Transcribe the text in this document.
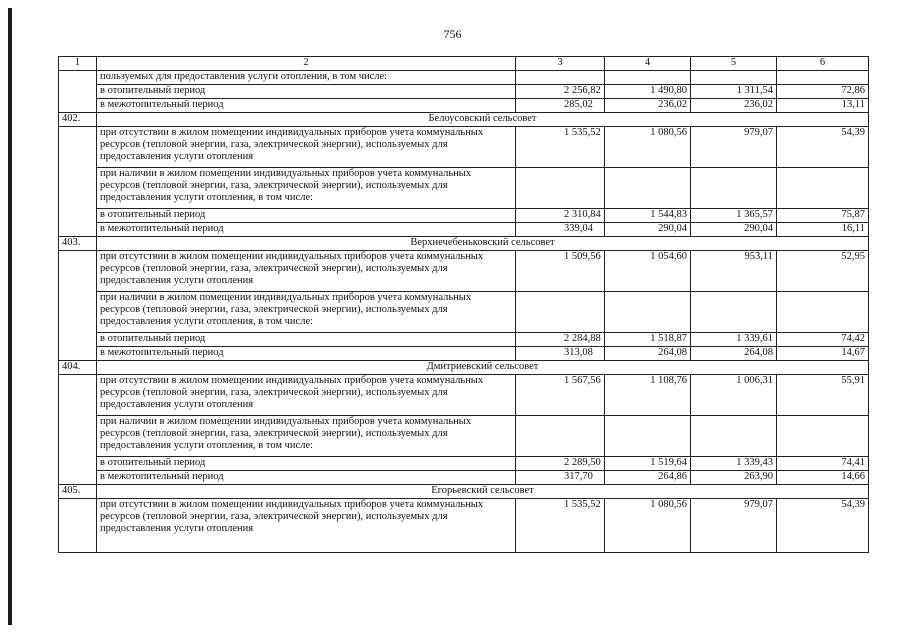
756
1	2	3	4	5	6
	пользуемых для предоставления услуги отопления, в том числе:				
	в отопительный период	2 256,82	1 490,80	1 311,54	72,86
	в межотопительный период	285,02	236,02	236,02	13,11
402.	Белоусовский сельсовет				
	при отсутствии в жилом помещении индивидуальных приборов учета коммунальных ресурсов (тепловой энергии, газа, электрической энергии), используемых для предоставления услуги отопления	1 535,52	1 080,56	979,07	54,39
	при наличии в жилом помещении индивидуальных приборов учета коммунальных ресурсов (тепловой энергии, газа, электрической энергии), используемых для предоставления услуги отопления, в том числе:				
	в отопительный период	2 310,84	1 544,83	1 365,57	75,87
	в межотопительный период	339,04	290,04	290,04	16,11
403.	Верхнечебеньковский сельсовет				
	при отсутствии в жилом помещении индивидуальных приборов учета коммунальных ресурсов (тепловой энергии, газа, электрической энергии), используемых для предоставления услуги отопления	1 509,56	1 054,60	953,11	52,95
	при наличии в жилом помещении индивидуальных приборов учета коммунальных ресурсов (тепловой энергии, газа, электрической энергии), используемых для предоставления услуги отопления, в том числе:				
	в отопительный период	2 284,88	1 518,87	1 339,61	74,42
	в межотопительный период	313,08	264,08	264,08	14,67
404.	Дмитриевский сельсовет				
	при отсутствии в жилом помещении индивидуальных приборов учета коммунальных ресурсов (тепловой энергии, газа, электрической энергии), используемых для предоставления услуги отопления	1 567,56	1 108,76	1 006,31	55,91
	при наличии в жилом помещении индивидуальных приборов учета коммунальных ресурсов (тепловой энергии, газа, электрической энергии), используемых для предоставления услуги отопления, в том числе:				
	в отопительный период	2 289,50	1 519,64	1 339,43	74,41
	в межотопительный период	317,70	264,86	263,90	14,66
405.	Егорьевский сельсовет				
	при отсутствии в жилом помещении индивидуальных приборов учета коммунальных ресурсов (тепловой энергии, газа, электрической энергии), используемых для предоставления услуги отопления	1 535,52	1 080,56	979,07	54,39
